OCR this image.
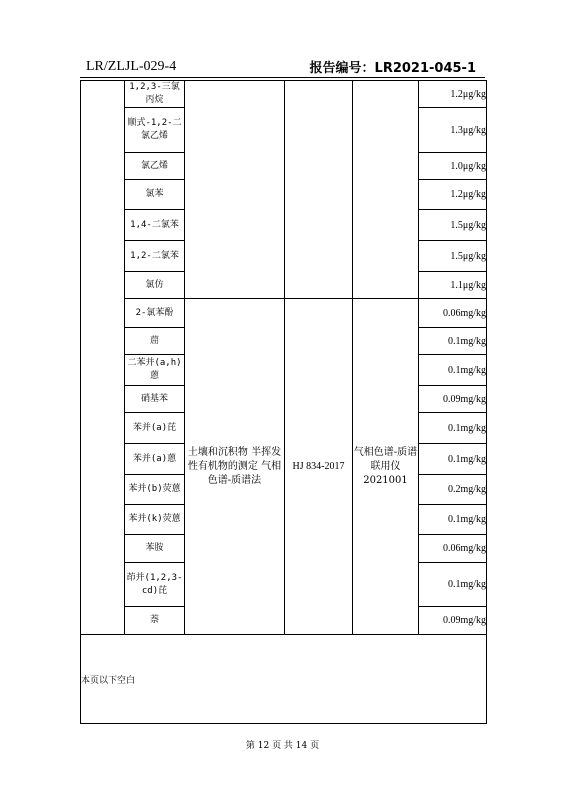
LR/ZLJL-029-4	报告编号：LR2021-045-1
	1,2,3-三氯丙烷				1.2μg/kg
	顺式-1,2-二氯乙烯				1.3μg/kg
	氯乙烯				1.0μg/kg
	氯苯				1.2μg/kg
	1,4-二氯苯				1.5μg/kg
	1,2-二氯苯				1.5μg/kg
	氯仿				1.1μg/kg
	2-氯苯酚	土壤和沉积物 半挥发性有机物的测定 气相色谱-质谱法	HJ 834-2017	气相色谱-质谱联用仪2021001	0.06mg/kg
	䓛				0.1mg/kg
	二苯并(a,h)蒽				0.1mg/kg
	硝基苯				0.09mg/kg
	苯并(a)芘				0.1mg/kg
	苯并(a)蒽				0.1mg/kg
	苯并(b)荧蒽				0.2mg/kg
	苯并(k)荧蒽				0.1mg/kg
	苯胺				0.06mg/kg
	茚并(1,2,3-cd)芘				0.1mg/kg
	萘				0.09mg/kg
本页以下空白					
第 12 页 共 14 页
